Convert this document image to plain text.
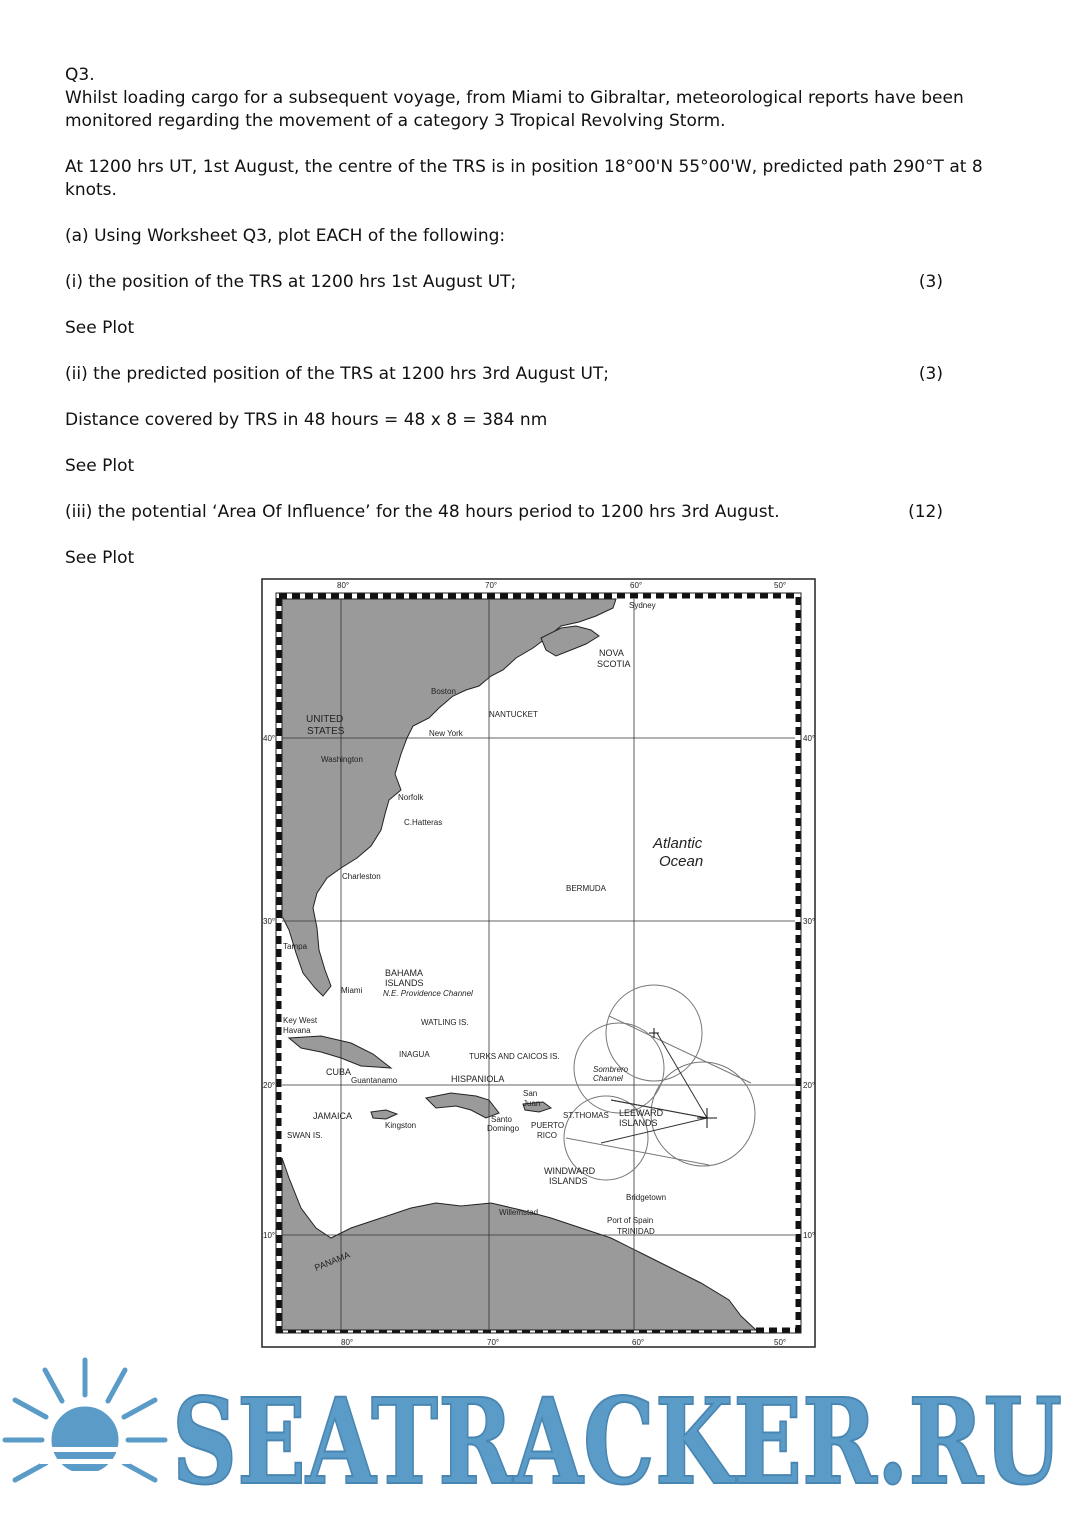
Q3.

Whilst loading cargo for a subsequent voyage, from Miami to Gibraltar, meteorological reports have been monitored regarding the movement of a category 3 Tropical Revolving Storm.

At 1200 hrs UT, 1st August, the centre of the TRS is in position 18°00'N 55°00'W, predicted path 290°T at 8 knots.

(a) Using Worksheet Q3, plot EACH of the following:

(i) the position of the TRS at 1200 hrs 1st August UT;	(3)

See Plot

(ii) the predicted position of the TRS at 1200 hrs 3rd August UT;	(3)

Distance covered by TRS in 48 hours = 48 x 8 = 384 nm

See Plot

(iii) the potential ‘Area Of Influence’ for the 48 hours period to 1200 hrs 3rd August.	(12)

See Plot

80°	70°	60°	50°
80°	70°	60°	50°
40°
30°
20°
10°
40°
30°
20°
10°
Sydney
NOVA
SCOTIA
Boston
NANTUCKET
UNITED
STATES	New York
Washington
Norfolk
C.Hatteras
Charleston
Atlantic
Ocean
BERMUDA
Tampa
BAHAMA
ISLANDS
N.E. Providence Channel
Miami
Key West
Havana
WATLING IS.
INAGUA	TURKS AND CAICOS IS.
CUBA
Guantanamo	HISPANIOLA
San
Juan
Sombrero
Channel
JAMAICA
Kingston
ST.THOMAS LEEWARD
ISLANDS
SWAN IS.
Santo
Domingo PUERTO
RICO
WINDWARD
ISLANDS
Bridgetown
Willemstad
Port of Spain
TRINIDAD
PANAMA
SEATRACKER.RU
